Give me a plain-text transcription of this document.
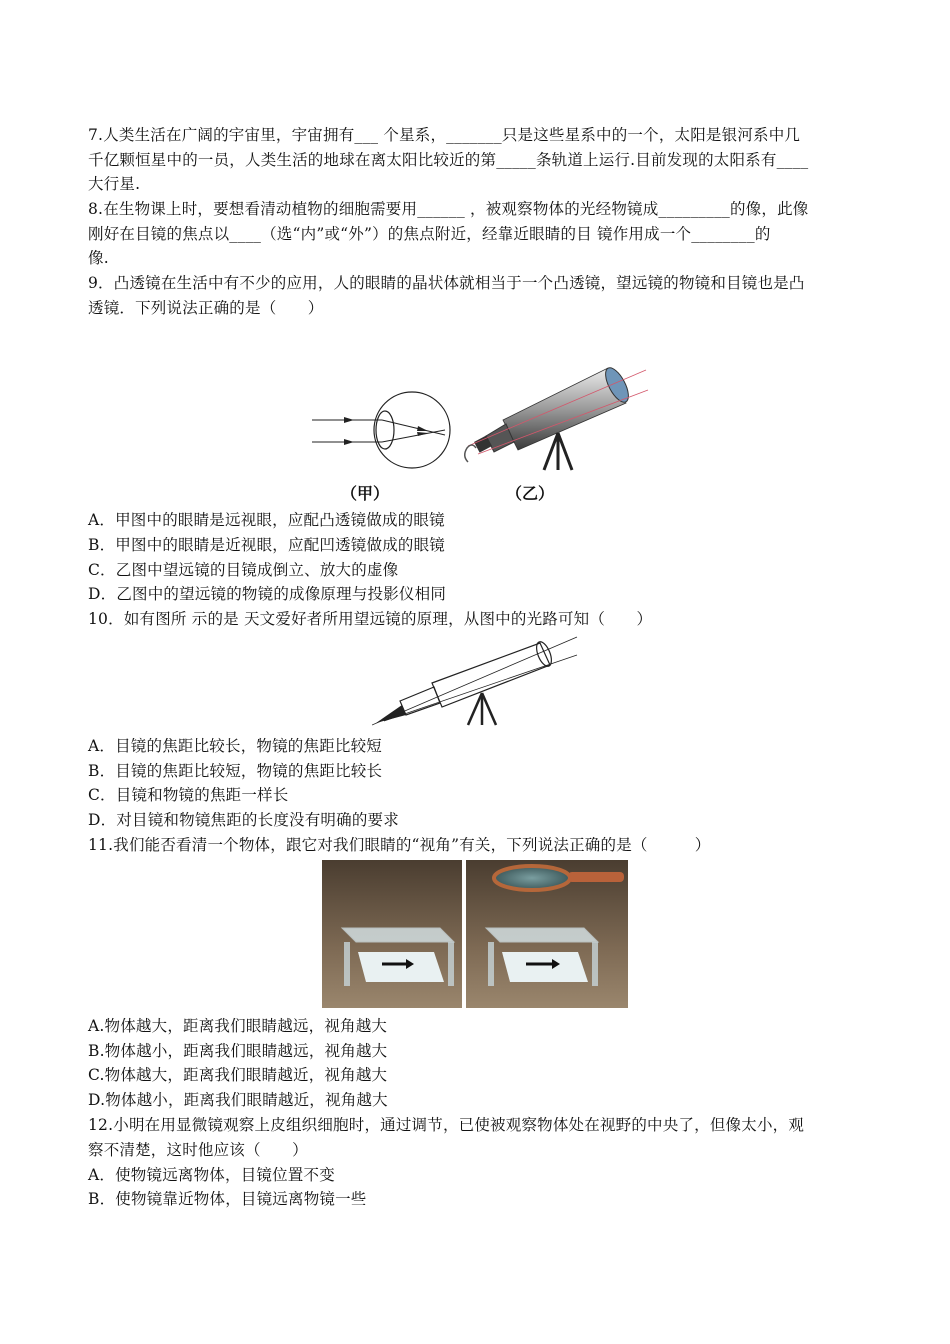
7.人类生活在广阔的宇宙里，宇宙拥有___ 个星系，_______只是这些星系中的一个，太阳是银河系中几
千亿颗恒星中的一员，人类生活的地球在离太阳比较近的第_____条轨道上运行.目前发现的太阳系有____
大行星.
8.在生物课上时，要想看清动植物的细胞需要用______ ，被观察物体的光经物镜成_________的像，此像
刚好在目镜的焦点以____（选“内”或“外”）的焦点附近，经靠近眼睛的目 镜作用成一个________的
像.
9．凸透镜在生活中有不少的应用，人的眼睛的晶状体就相当于一个凸透镜，望远镜的物镜和目镜也是凸
透镜．下列说法正确的是（　　）
（甲）	（乙）
A．甲图中的眼睛是远视眼，应配凸透镜做成的眼镜
B．甲图中的眼睛是近视眼，应配凹透镜做成的眼镜
C．乙图中望远镜的目镜成倒立、放大的虚像
D．乙图中的望远镜的物镜的成像原理与投影仪相同
10．如有图所 示的是 天文爱好者所用望远镜的原理，从图中的光路可知（　　）
A．目镜的焦距比较长，物镜的焦距比较短
B．目镜的焦距比较短，物镜的焦距比较长
C．目镜和物镜的焦距一样长
D．对目镜和物镜焦距的长度没有明确的要求
11.我们能否看清一个物体，跟它对我们眼睛的“视角”有关，下列说法正确的是（　　　）
A.物体越大，距离我们眼睛越远，视角越大
B.物体越小，距离我们眼睛越远，视角越大
C.物体越大，距离我们眼睛越近，视角越大
D.物体越小，距离我们眼睛越近，视角越大
12.小明在用显微镜观察上皮组织细胞时，通过调节，已使被观察物体处在视野的中央了，但像太小，观
察不清楚，这时他应该（　　）
A．使物镜远离物体，目镜位置不变
B．使物镜靠近物体，目镜远离物镜一些
